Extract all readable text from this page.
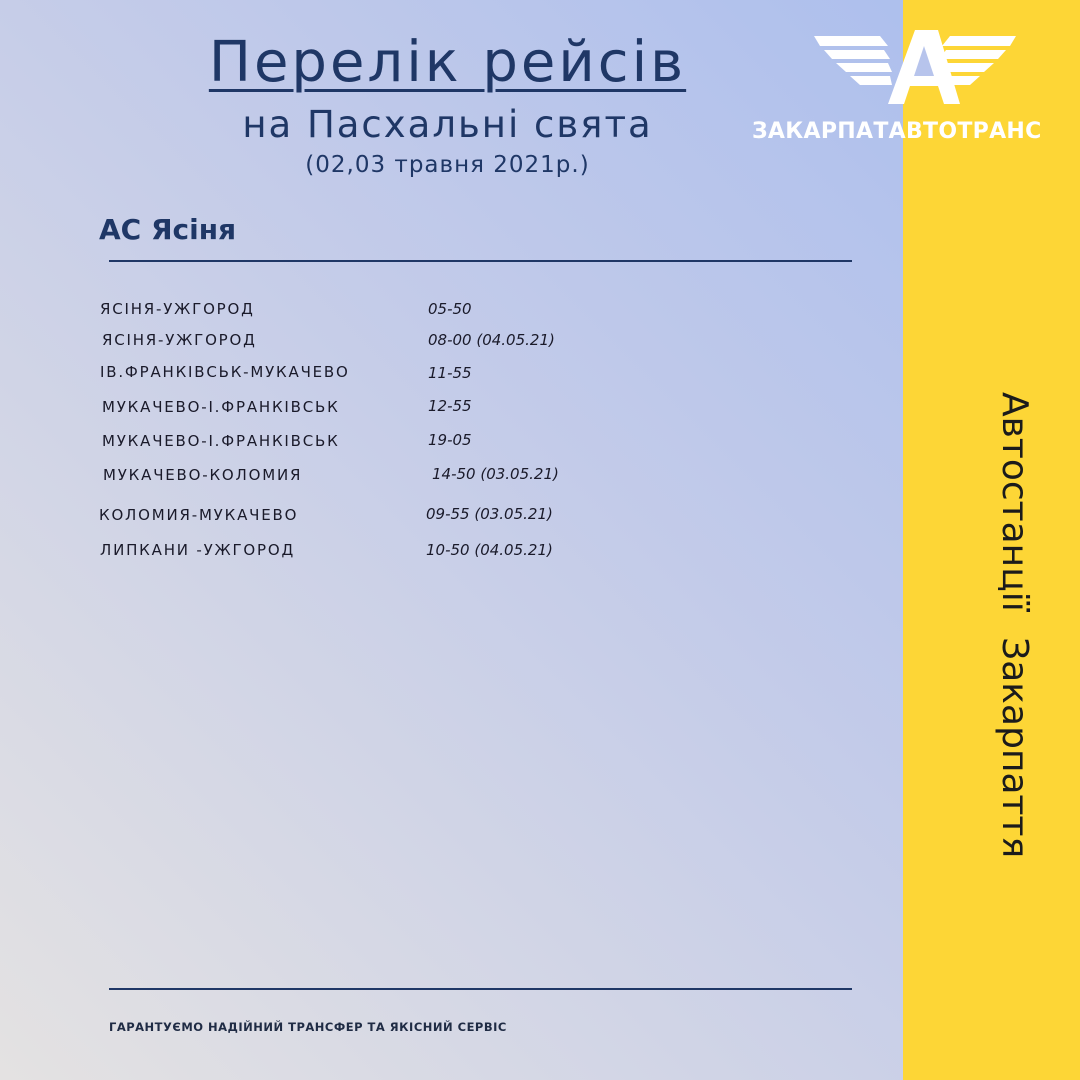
Перелік рейсів
на Пасхальні свята
(02,03 травня 2021р.)
АС Ясіня
ЯСІНЯ-УЖГОРОД	05-50
ЯСІНЯ-УЖГОРОД	08-00 (04.05.21)
ІВ.ФРАНКІВСЬК-МУКАЧЕВО	11-55
МУКАЧЕВО-І.ФРАНКІВСЬК	12-55
МУКАЧЕВО-І.ФРАНКІВСЬК	19-05
МУКАЧЕВО-КОЛОМИЯ	14-50 (03.05.21)
КОЛОМИЯ-МУКАЧЕВО	09-55 (03.05.21)
ЛИПКАНИ -УЖГОРОД	10-50 (04.05.21)
ГАРАНТУЄМО НАДІЙНИЙ ТРАНСФЕР ТА ЯКІСНИЙ СЕРВІС
Автостанції Закарпаття
ЗАКАРПАТАВТОТРАНС
